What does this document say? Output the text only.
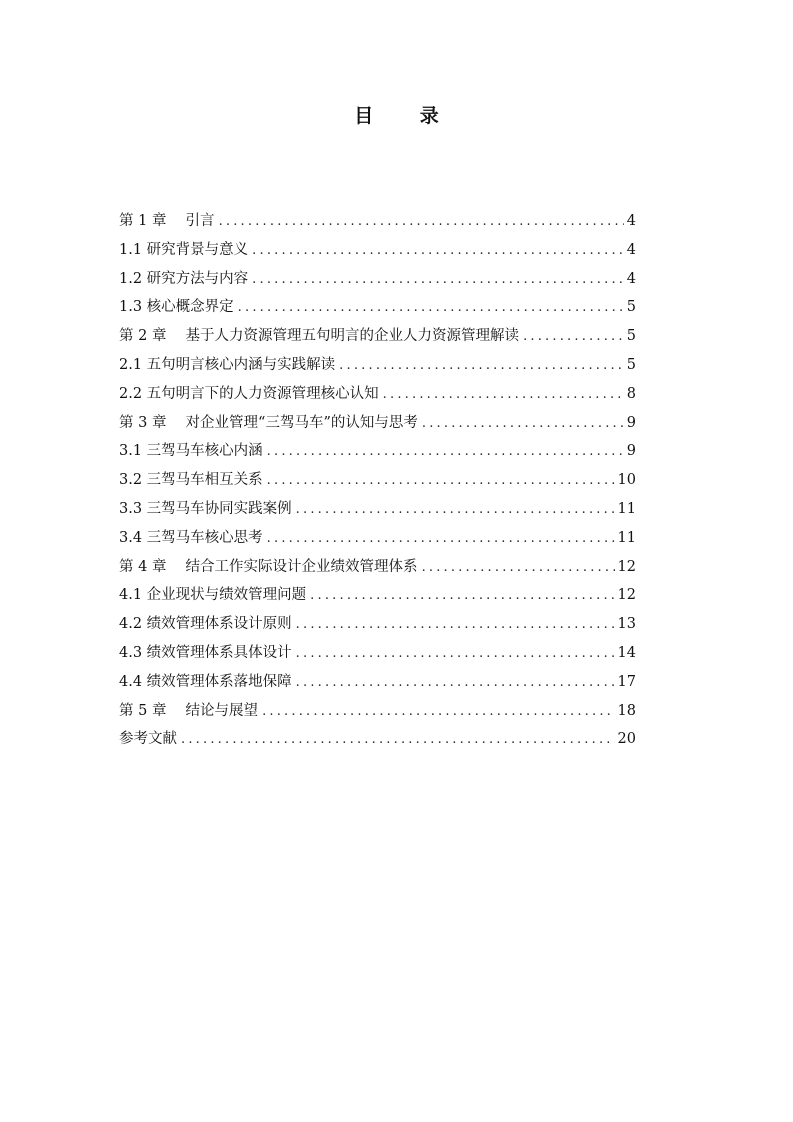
目 录
第 1 章　 引言 .....	4
1.1 研究背景与意义 .....	4
1.2 研究方法与内容 .....	4
1.3 核心概念界定 .....	5
第 2 章　 基于人力资源管理五句明言的企业人力资源管理解读 .....	5
2.1 五句明言核心内涵与实践解读 .....	5
2.2 五句明言下的人力资源管理核心认知 .....	8
第 3 章　 对企业管理“三驾马车”的认知与思考 .....	9
3.1 三驾马车核心内涵 .....	9
3.2 三驾马车相互关系 .....	10
3.3 三驾马车协同实践案例 .....	11
3.4 三驾马车核心思考 .....	11
第 4 章　 结合工作实际设计企业绩效管理体系 .....	12
4.1 企业现状与绩效管理问题 .....	12
4.2 绩效管理体系设计原则 .....	13
4.3 绩效管理体系具体设计 .....	14
4.4 绩效管理体系落地保障 .....	17
第 5 章　 结论与展望 .....	18
参考文献 .....	20
